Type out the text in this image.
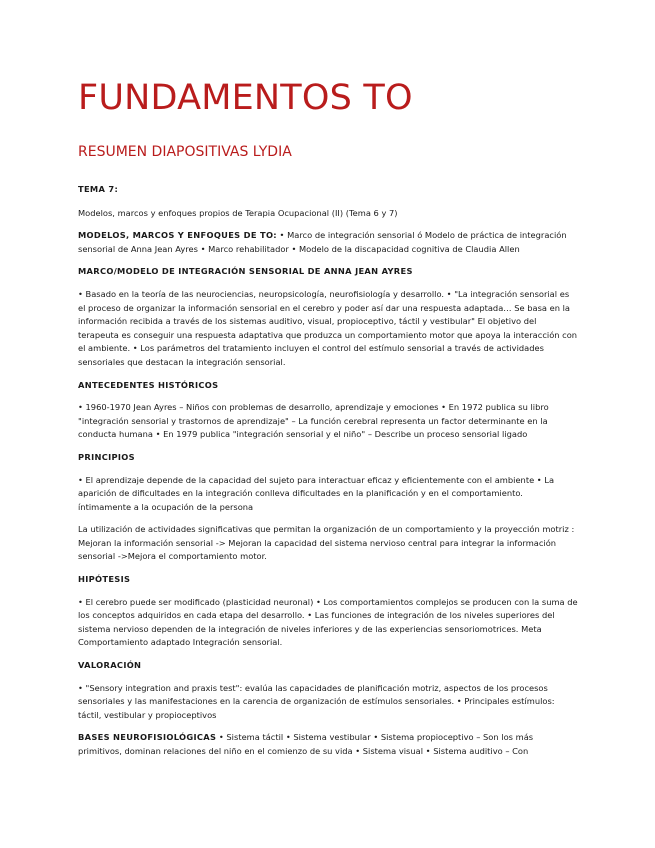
FUNDAMENTOS TO
RESUMEN DIAPOSITIVAS LYDIA

TEMA 7:

Modelos, marcos y enfoques propios de Terapia Ocupacional (II) (Tema 6 y 7)

MODELOS, MARCOS Y ENFOQUES DE TO: • Marco de integración sensorial ó Modelo de práctica de integración sensorial de Anna Jean Ayres • Marco rehabilitador • Modelo de la discapacidad cognitiva de Claudia Allen

MARCO/MODELO DE INTEGRACIÓN SENSORIAL DE ANNA JEAN AYRES

• Basado en la teoría de las neurociencias, neuropsicología, neurofisiología y desarrollo. • "La integración sensorial es el proceso de organizar la información sensorial en el cerebro y poder así dar una respuesta adaptada… Se basa en la información recibida a través de los sistemas auditivo, visual, propioceptivo, táctil y vestibular" El objetivo del terapeuta es conseguir una respuesta adaptativa que produzca un comportamiento motor que apoya la interacción con el ambiente. • Los parámetros del tratamiento incluyen el control del estímulo sensorial a través de actividades sensoriales que destacan la integración sensorial.

ANTECEDENTES HISTÓRICOS

• 1960-1970 Jean Ayres – Niños con problemas de desarrollo, aprendizaje y emociones • En 1972 publica su libro "integración sensorial y trastornos de aprendizaje" – La función cerebral representa un factor determinante en la conducta humana • En 1979 publica "integración sensorial y el niño" – Describe un proceso sensorial ligado

PRINCIPIOS

• El aprendizaje depende de la capacidad del sujeto para interactuar eficaz y eficientemente con el ambiente • La aparición de dificultades en la integración conlleva dificultades en la planificación y en el comportamiento. íntimamente a la ocupación de la persona

La utilización de actividades significativas que permitan la organización de un comportamiento y la proyección motriz : Mejoran la información sensorial -> Mejoran la capacidad del sistema nervioso central para integrar la información sensorial ->Mejora el comportamiento motor.

HIPÓTESIS

• El cerebro puede ser modificado (plasticidad neuronal) • Los comportamientos complejos se producen con la suma de los conceptos adquiridos en cada etapa del desarrollo. • Las funciones de integración de los niveles superiores del sistema nervioso dependen de la integración de niveles inferiores y de las experiencias sensoriomotrices. Meta Comportamiento adaptado Integración sensorial.

VALORACIÓN

• "Sensory integration and praxis test": evalúa las capacidades de planificación motriz, aspectos de los procesos sensoriales y las manifestaciones en la carencia de organización de estímulos sensoriales. • Principales estímulos: táctil, vestibular y propioceptivos

BASES NEUROFISIOLÓGICAS • Sistema táctil • Sistema vestibular • Sistema propioceptivo – Son los más primitivos, dominan relaciones del niño en el comienzo de su vida • Sistema visual • Sistema auditivo – Con
